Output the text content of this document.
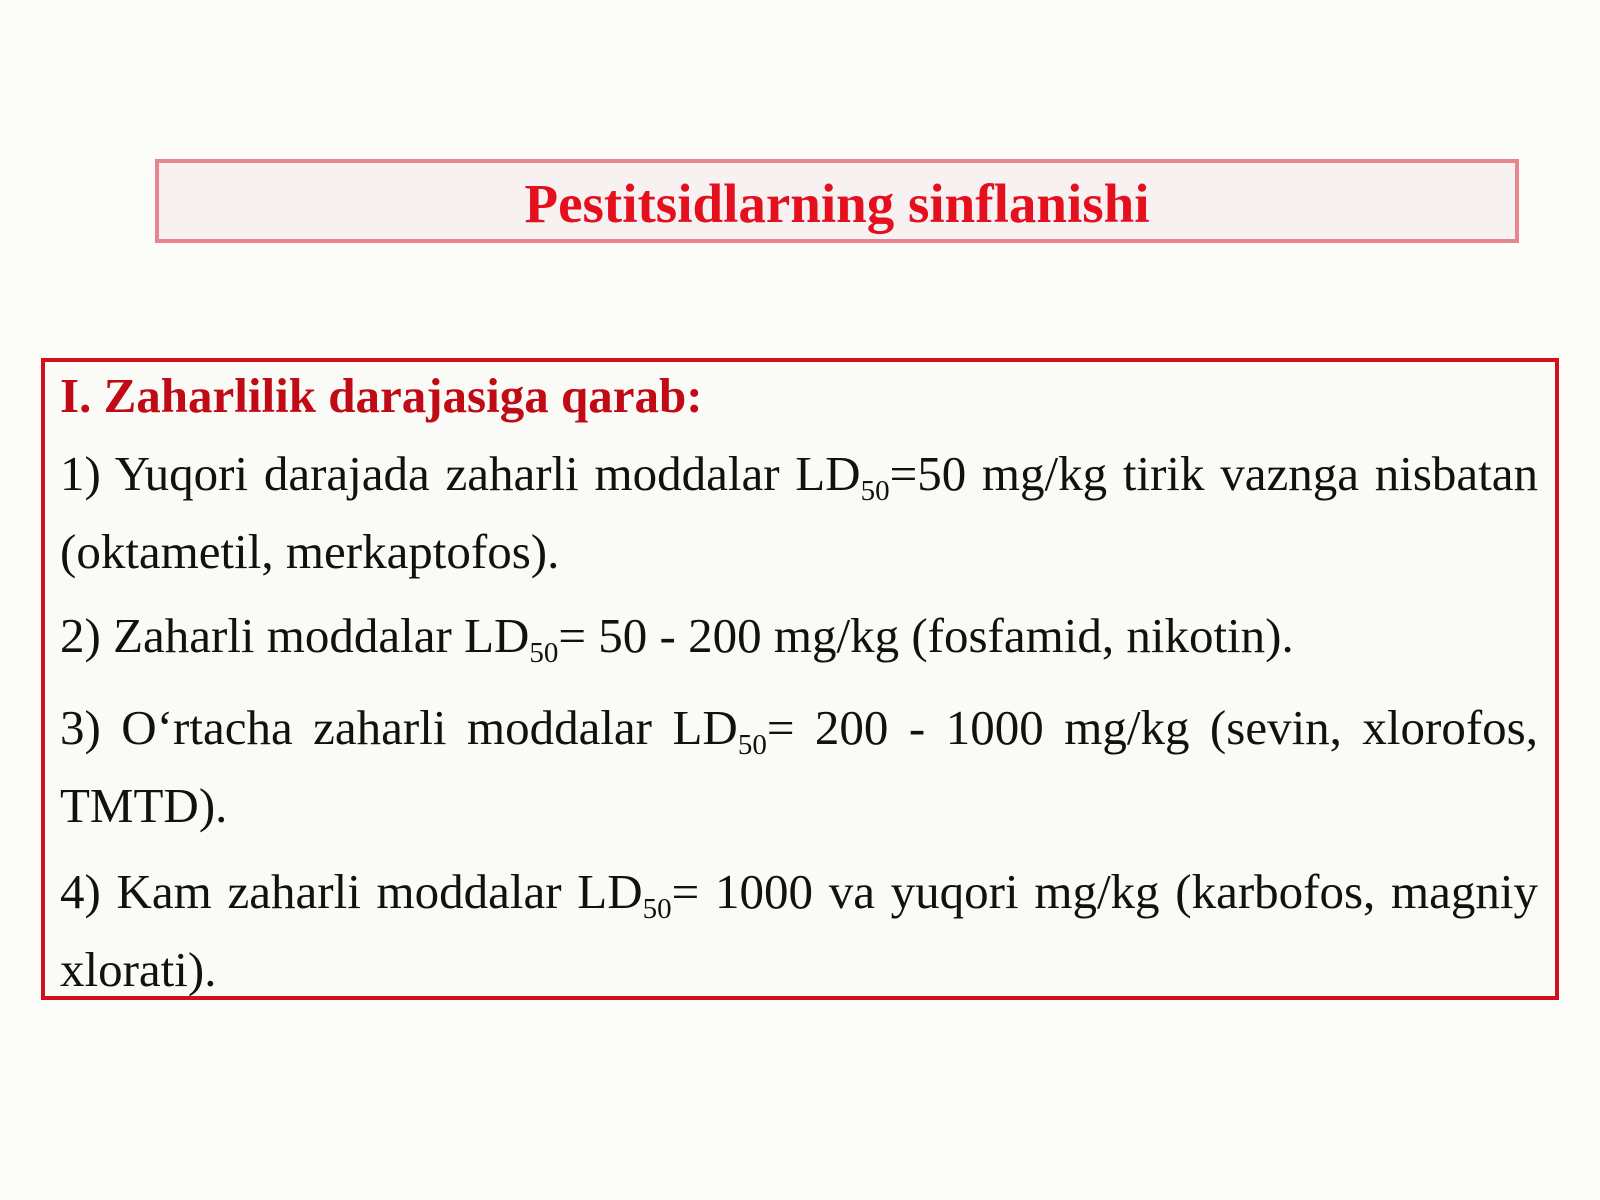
Pestitsidlarning sinflanishi

I. Zaharlilik darajasiga qarab:

1) Yuqori darajada zaharli moddalar $LD_{50}=50$ mg/kg tirik vaznga nisbatan (oktametil, merkaptofos).

2) Zaharli moddalar $LD_{50}= 50 - 200$ mg/kg (fosfamid, nikotin).

3) O‘rtacha zaharli moddalar $LD_{50}= 200 - 1000$ mg/kg (sevin, xlorofos, TMTD).

4) Kam zaharli moddalar $LD_{50}= 1000$ va yuqori mg/kg (karbofos, magniy xlorati).
